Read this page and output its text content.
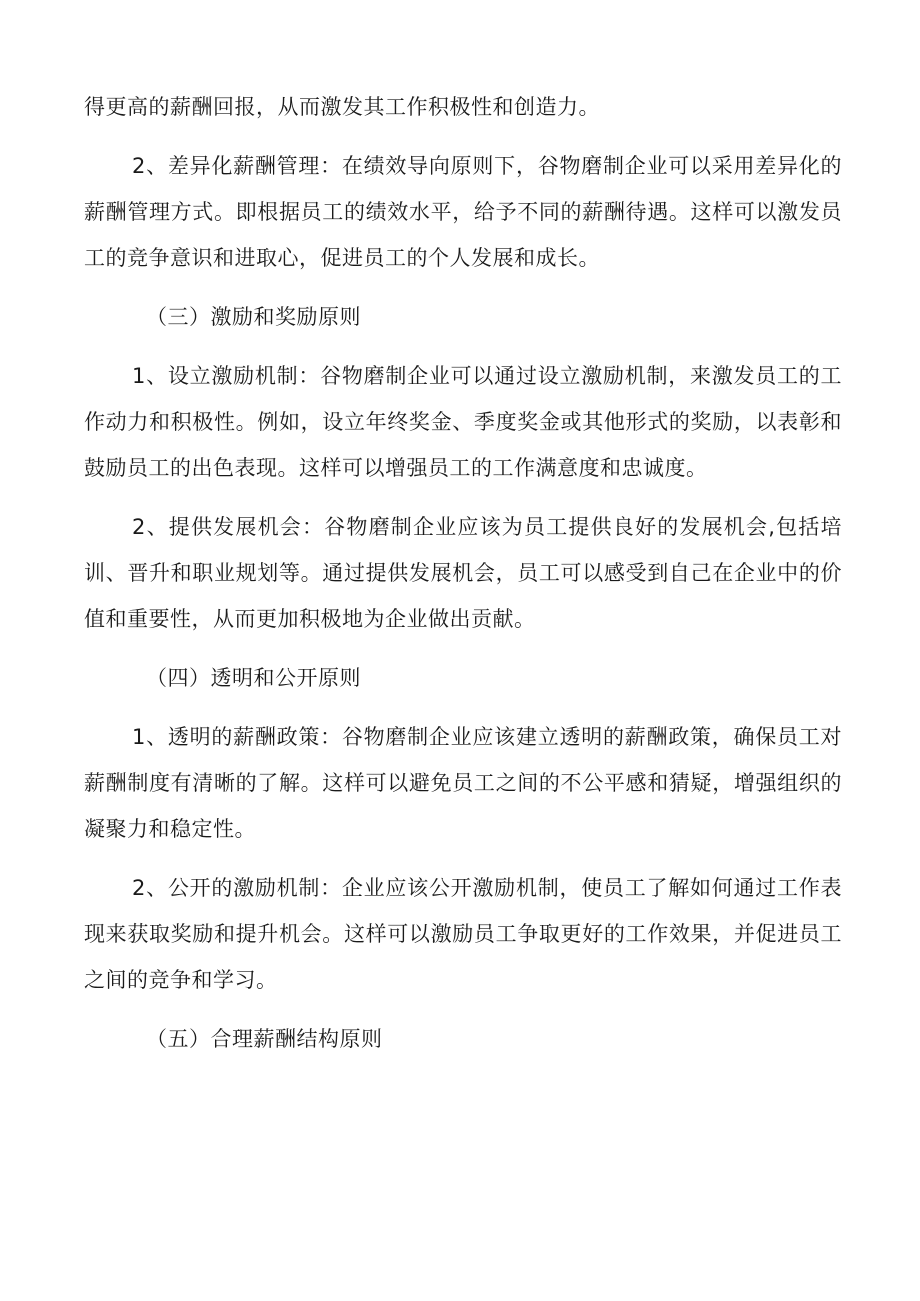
得更高的薪酬回报，从而激发其工作积极性和创造力。

2、差异化薪酬管理：在绩效导向原则下，谷物磨制企业可以采用差异化的薪酬管理方式。即根据员工的绩效水平，给予不同的薪酬待遇。这样可以激发员工的竞争意识和进取心，促进员工的个人发展和成长。

（三）激励和奖励原则

1、设立激励机制：谷物磨制企业可以通过设立激励机制，来激发员工的工作动力和积极性。例如，设立年终奖金、季度奖金或其他形式的奖励，以表彰和鼓励员工的出色表现。这样可以增强员工的工作满意度和忠诚度。

2、提供发展机会：谷物磨制企业应该为员工提供良好的发展机会,包括培训、晋升和职业规划等。通过提供发展机会，员工可以感受到自己在企业中的价值和重要性，从而更加积极地为企业做出贡献。

（四）透明和公开原则

1、透明的薪酬政策：谷物磨制企业应该建立透明的薪酬政策，确保员工对薪酬制度有清晰的了解。这样可以避免员工之间的不公平感和猜疑，增强组织的凝聚力和稳定性。

2、公开的激励机制：企业应该公开激励机制，使员工了解如何通过工作表现来获取奖励和提升机会。这样可以激励员工争取更好的工作效果，并促进员工之间的竞争和学习。

（五）合理薪酬结构原则
